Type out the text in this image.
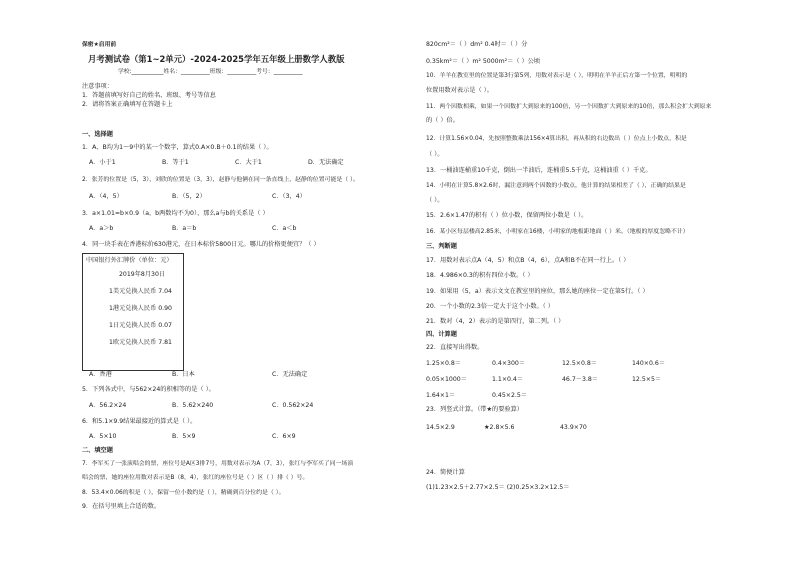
保密★启用前
月考测试卷（第1~2单元）-2024-2025学年五年级上册数学人教版
学校:___________姓名：__________班级：__________考号：__________
注意事项：
1．答题前填写好自己的姓名、班级、考号等信息
2．请将答案正确填写在答题卡上
一、选择题
1．A、B均为1～9中的某一个数字，算式0.A×0.B＋0.1的结果（ ）。
A．小于1	B．等于1	C．大于1	D．无法确定
2．张芳的位置是（5，3），刘欣的位置是（3，3），赵静与他俩在同一条直线上，赵静的位置可能是（ ）。
A．（4，5）	B．（5，2）	C．（3，4）
3．a×1.01=b×0.9（a，b两数均不为0），那么a与b的关系是（ ）
A．a＞b	B．a＝b	C．a＜b
4．同一块手表在香港标价630港元，在日本标价5800日元。哪儿的价格更便宜？（ ）
中国银行外汇牌价（单位：元）
2019年8月30日
1美元兑换人民币 7.04
1港元兑换人民币 0.90
1日元兑换人民币 0.07
1欧元兑换人民币 7.81
A．香港	B．日本	C．无法确定
5．下列各式中，与562×24的积相等的是（ ）。
A．56.2×24	B．5.62×240	C．0.562×24
6．和5.1×9.9结果最接近的算式是（ ）。
A．5×10	B．5×9	C．6×9
二、填空题
7．李军买了一张演唱会的票，座位号是A区3排7号，用数对表示为A（7，3），张红与李军买了同一场演
唱会的票，她的座位用数对表示是B（8，4），张红的座位号是（ ）区（ ）排（ ）号。
8．53.4×0.06的积是（ ），保留一位小数约是（ ），精确到百分位约是（ ）。
9．在括号里填上合适的数。
820cm²＝（ ）dm² 0.4时＝（ ）分
0.35km²＝（ ）m² 5000m²＝（ ）公顷
10．羊羊在教室里的位置是第3行第5列，用数对表示是（ ），明明在羊羊正后方第一个位置，明明的
位置用数对表示是（ ）。
11．两个因数相乘，如果一个因数扩大到原来的100倍，另一个因数扩大到原来的10倍，那么积会扩大到原来
的（ ）倍。
12．计算1.56×0.04，先按照整数乘法156×4算出积，再从积的右边数出（ ）位点上小数点，积是
（ ）。
13．一桶油连桶重10千克，倒出一半油后，连桶重5.5千克，这桶油重（ ）千克。
14．小明在计算5.8×2.6时，漏注意到两个因数的小数点，他计算的结果相差了（ ），正确的结果是
（ ）。
15．2.6×1.47的积有（ ）位小数，保留两位小数是（ ）。
16．某小区每层楼高2.85米，小明家在16楼，小明家的地板距地面（ ）米。（地板的厚度忽略不计）
三、判断题
17．用数对表示点A（4，5）和点B（4，6），点A和B不在同一行上。（ ）
18．4.986×0.3的积有四位小数。（ ）
19．如果用（5，a）表示文文在教室里的座位，那么她的座位一定在第5行。（ ）
20．一个小数的2.3倍一定大于这个小数。（ ）
21．数对（4，2）表示的是第四行，第二列。（ ）
四、计算题
22．直接写出得数。
1.25×0.8＝	0.4×300＝	12.5×0.8＝	140×0.6＝
0.05×1000＝	1.1×0.4＝	46.7－3.8＝	12.5×5＝
1.64×1＝	0.45×2.5＝
23．列竖式计算。（带★的要验算）
14.5×2.9	★2.8×5.6	43.9×70
24．简便计算
(1)1.23×2.5＋2.77×2.5＝ (2)0.25×3.2×12.5＝
